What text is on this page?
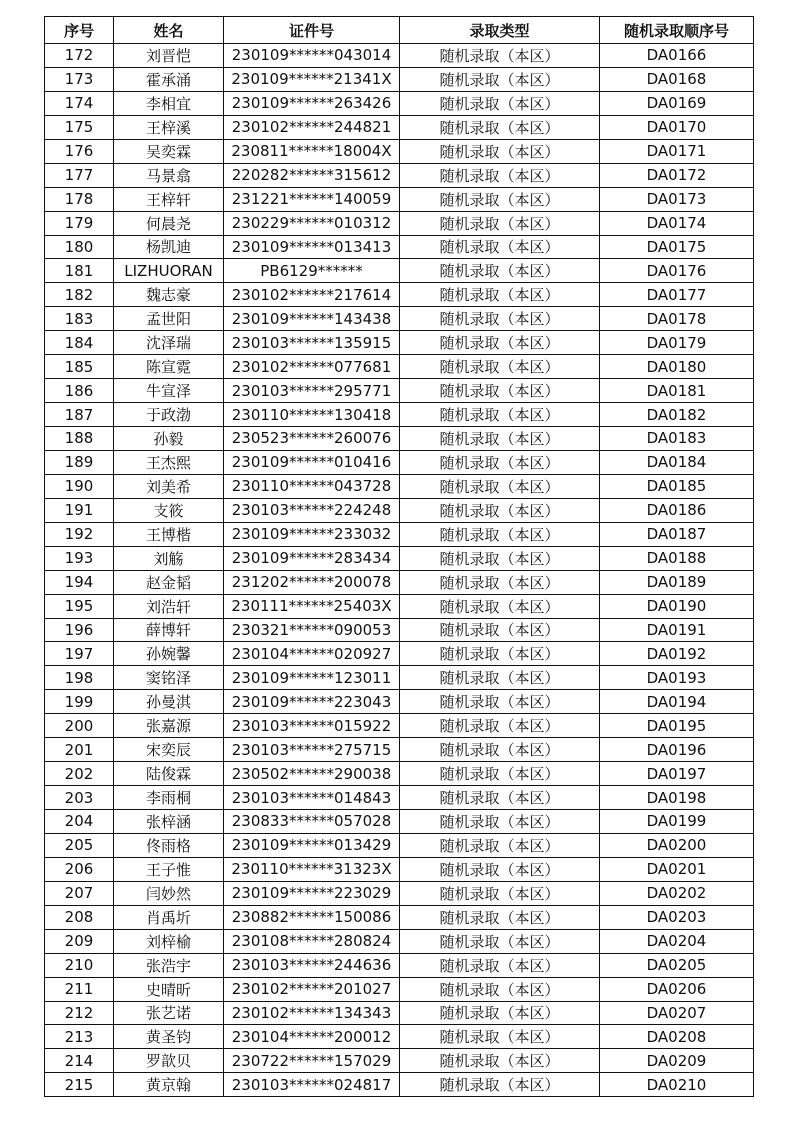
序号	姓名	证件号	录取类型	随机录取顺序号
172	刘晋恺	230109******043014	随机录取（本区）	DA0166
173	霍承涌	230109******21341X	随机录取（本区）	DA0168
174	李相宜	230109******263426	随机录取（本区）	DA0169
175	王梓溪	230102******244821	随机录取（本区）	DA0170
176	吴奕霖	230811******18004X	随机录取（本区）	DA0171
177	马景翕	220282******315612	随机录取（本区）	DA0172
178	王梓轩	231221******140059	随机录取（本区）	DA0173
179	何晨尧	230229******010312	随机录取（本区）	DA0174
180	杨凯迪	230109******013413	随机录取（本区）	DA0175
181	LIZHUORAN	PB6129******	随机录取（本区）	DA0176
182	魏志豪	230102******217614	随机录取（本区）	DA0177
183	孟世阳	230109******143438	随机录取（本区）	DA0178
184	沈泽瑞	230103******135915	随机录取（本区）	DA0179
185	陈宣霓	230102******077681	随机录取（本区）	DA0180
186	牛宣泽	230103******295771	随机录取（本区）	DA0181
187	于政渤	230110******130418	随机录取（本区）	DA0182
188	孙毅	230523******260076	随机录取（本区）	DA0183
189	王杰熙	230109******010416	随机录取（本区）	DA0184
190	刘美希	230110******043728	随机录取（本区）	DA0185
191	支筱	230103******224248	随机录取（本区）	DA0186
192	王博楷	230109******233032	随机录取（本区）	DA0187
193	刘觞	230109******283434	随机录取（本区）	DA0188
194	赵金韬	231202******200078	随机录取（本区）	DA0189
195	刘浩轩	230111******25403X	随机录取（本区）	DA0190
196	薛博轩	230321******090053	随机录取（本区）	DA0191
197	孙婉馨	230104******020927	随机录取（本区）	DA0192
198	窦铭泽	230109******123011	随机录取（本区）	DA0193
199	孙曼淇	230109******223043	随机录取（本区）	DA0194
200	张嘉源	230103******015922	随机录取（本区）	DA0195
201	宋奕辰	230103******275715	随机录取（本区）	DA0196
202	陆俊霖	230502******290038	随机录取（本区）	DA0197
203	李雨桐	230103******014843	随机录取（本区）	DA0198
204	张梓涵	230833******057028	随机录取（本区）	DA0199
205	佟雨格	230109******013429	随机录取（本区）	DA0200
206	王子惟	230110******31323X	随机录取（本区）	DA0201
207	闫妙然	230109******223029	随机录取（本区）	DA0202
208	肖禹圻	230882******150086	随机录取（本区）	DA0203
209	刘梓榆	230108******280824	随机录取（本区）	DA0204
210	张浩宇	230103******244636	随机录取（本区）	DA0205
211	史晴昕	230102******201027	随机录取（本区）	DA0206
212	张艺诺	230102******134343	随机录取（本区）	DA0207
213	黄圣钧	230104******200012	随机录取（本区）	DA0208
214	罗歆贝	230722******157029	随机录取（本区）	DA0209
215	黄京翰	230103******024817	随机录取（本区）	DA0210
